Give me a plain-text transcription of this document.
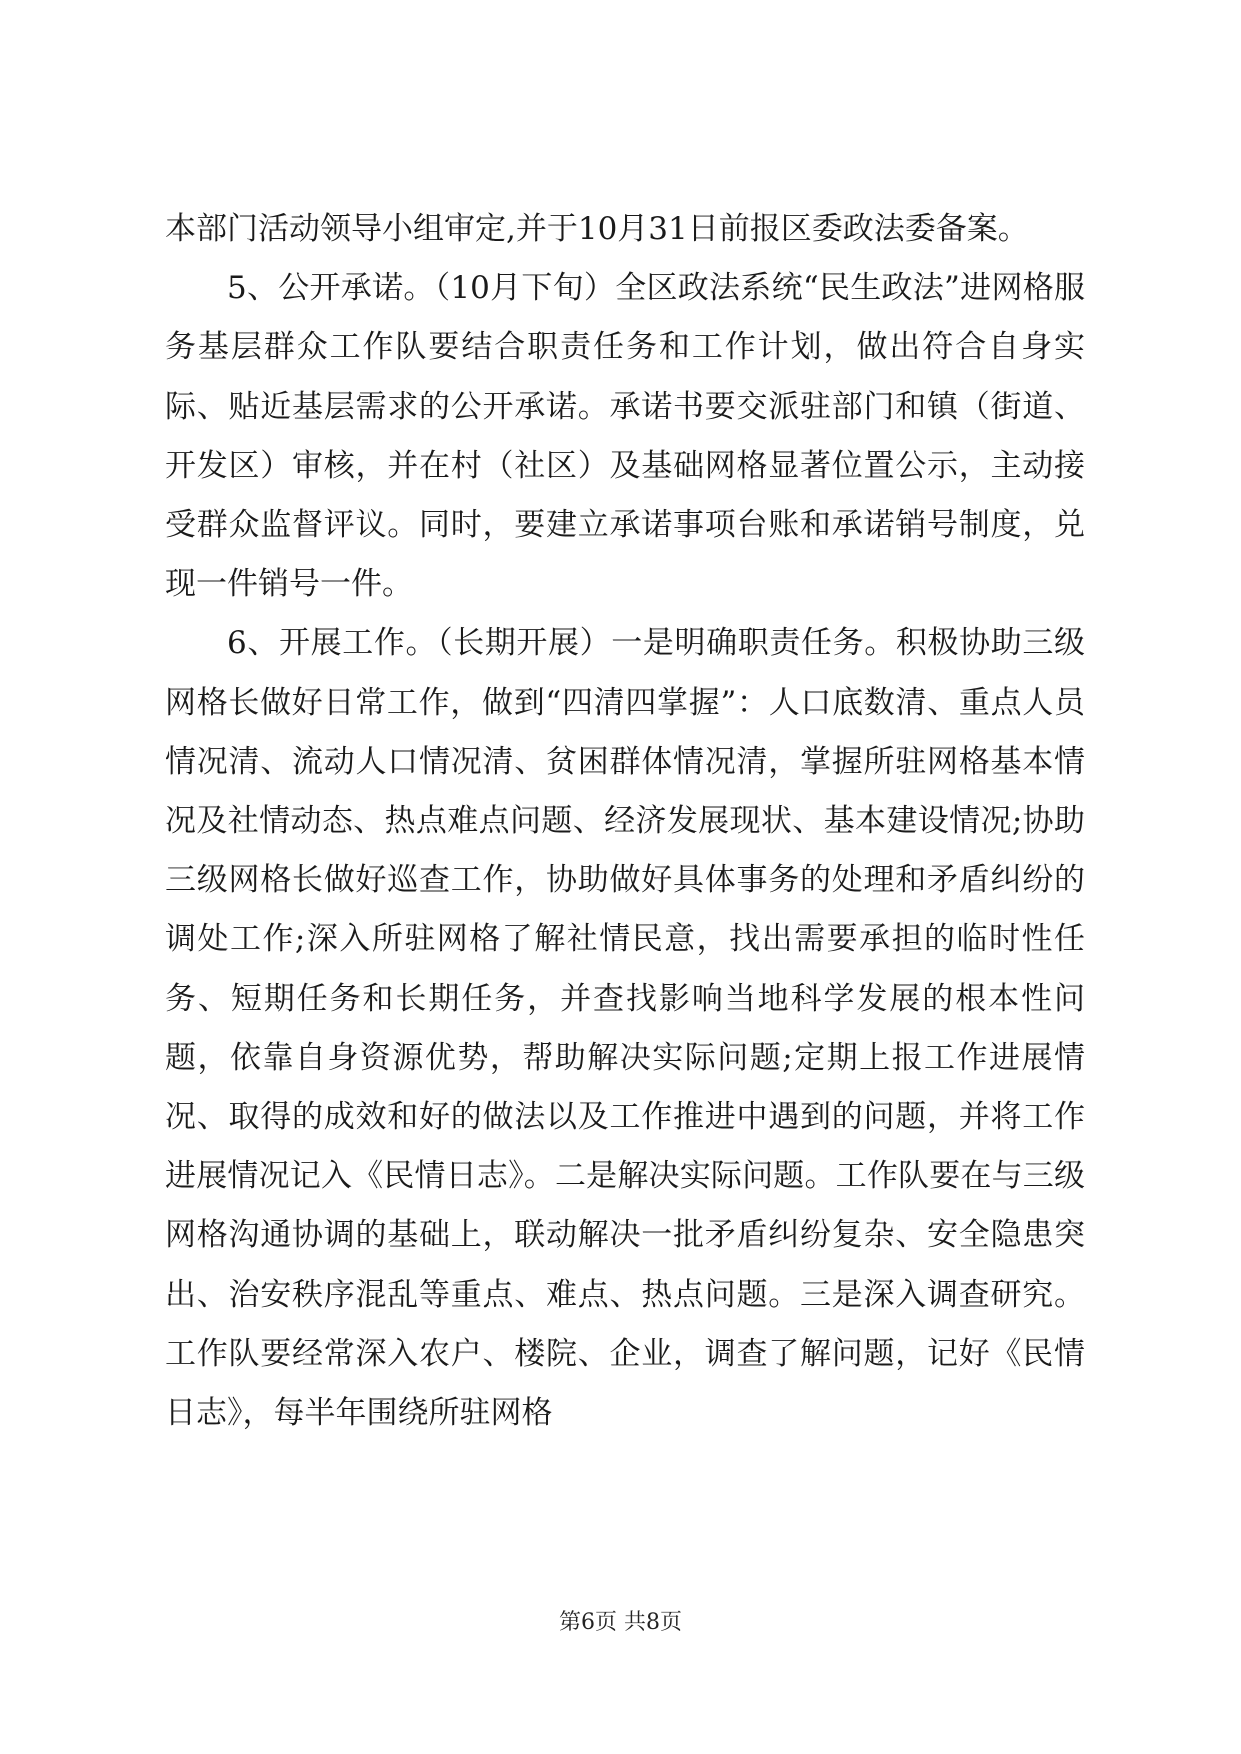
本部门活动领导小组审定,并于10月31日前报区委政法委备案。

5、公开承诺。（10月下旬）全区政法系统“民生政法”进网格服务基层群众工作队要结合职责任务和工作计划，做出符合自身实际、贴近基层需求的公开承诺。承诺书要交派驻部门和镇（街道、开发区）审核，并在村（社区）及基础网格显著位置公示，主动接受群众监督评议。同时，要建立承诺事项台账和承诺销号制度，兑现一件销号一件。

6、开展工作。（长期开展）一是明确职责任务。积极协助三级网格长做好日常工作，做到“四清四掌握”：人口底数清、重点人员情况清、流动人口情况清、贫困群体情况清，掌握所驻网格基本情况及社情动态、热点难点问题、经济发展现状、基本建设情况;协助三级网格长做好巡查工作，协助做好具体事务的处理和矛盾纠纷的调处工作;深入所驻网格了解社情民意，找出需要承担的临时性任务、短期任务和长期任务，并查找影响当地科学发展的根本性问题，依靠自身资源优势，帮助解决实际问题;定期上报工作进展情况、取得的成效和好的做法以及工作推进中遇到的问题，并将工作进展情况记入《民情日志》。二是解决实际问题。工作队要在与三级网格沟通协调的基础上，联动解决一批矛盾纠纷复杂、安全隐患突出、治安秩序混乱等重点、难点、热点问题。三是深入调查研究。工作队要经常深入农户、楼院、企业，调查了解问题，记好《民情日志》，每半年围绕所驻网格

第6页 共8页
